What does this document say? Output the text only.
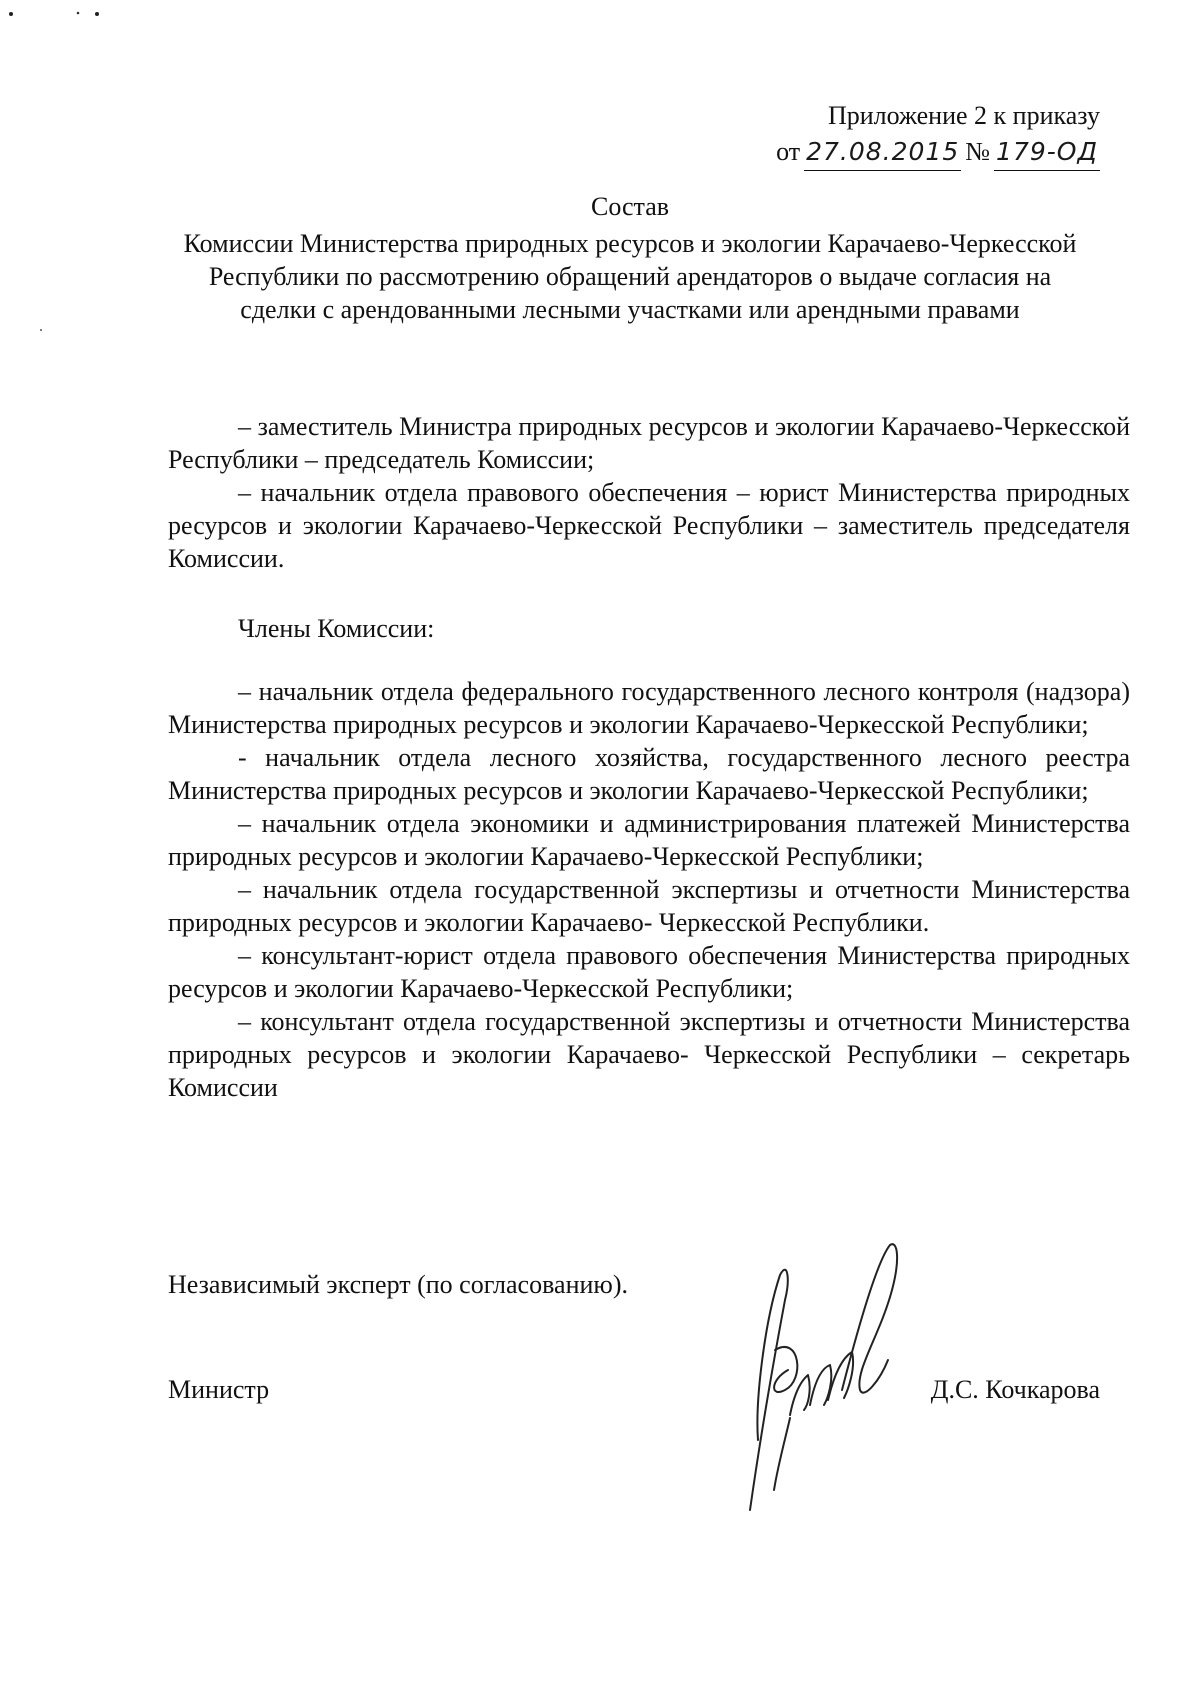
Приложение 2 к приказу
от 27.08.2015 № 179-ОД
Состав
Комиссии Министерства природных ресурсов и экологии Карачаево-Черкесской Республики по рассмотрению обращений арендаторов о выдаче согласия на сделки с арендованными лесными участками или арендными правами
– заместитель Министра природных ресурсов и экологии Карачаево-Черкесской Республики – председатель Комиссии;
– начальник отдела правового обеспечения – юрист Министерства природных ресурсов и экологии Карачаево-Черкесской Республики – заместитель председателя Комиссии.
Члены Комиссии:
– начальник отдела федерального государственного лесного контроля (надзора) Министерства природных ресурсов и экологии Карачаево-Черкесской Республики;
- начальник отдела лесного хозяйства, государственного лесного реестра Министерства природных ресурсов и экологии Карачаево-Черкесской Республики;
– начальник отдела экономики и администрирования платежей Министерства природных ресурсов и экологии Карачаево-Черкесской Республики;
– начальник отдела государственной экспертизы и отчетности Министерства природных ресурсов и экологии Карачаево- Черкесской Республики.
– консультант-юрист отдела правового обеспечения Министерства природных ресурсов и экологии Карачаево-Черкесской Республики;
– консультант отдела государственной экспертизы и отчетности Министерства природных ресурсов и экологии Карачаево- Черкесской Республики – секретарь Комиссии
Независимый эксперт (по согласованию).
Министр	Д.С. Кочкарова
